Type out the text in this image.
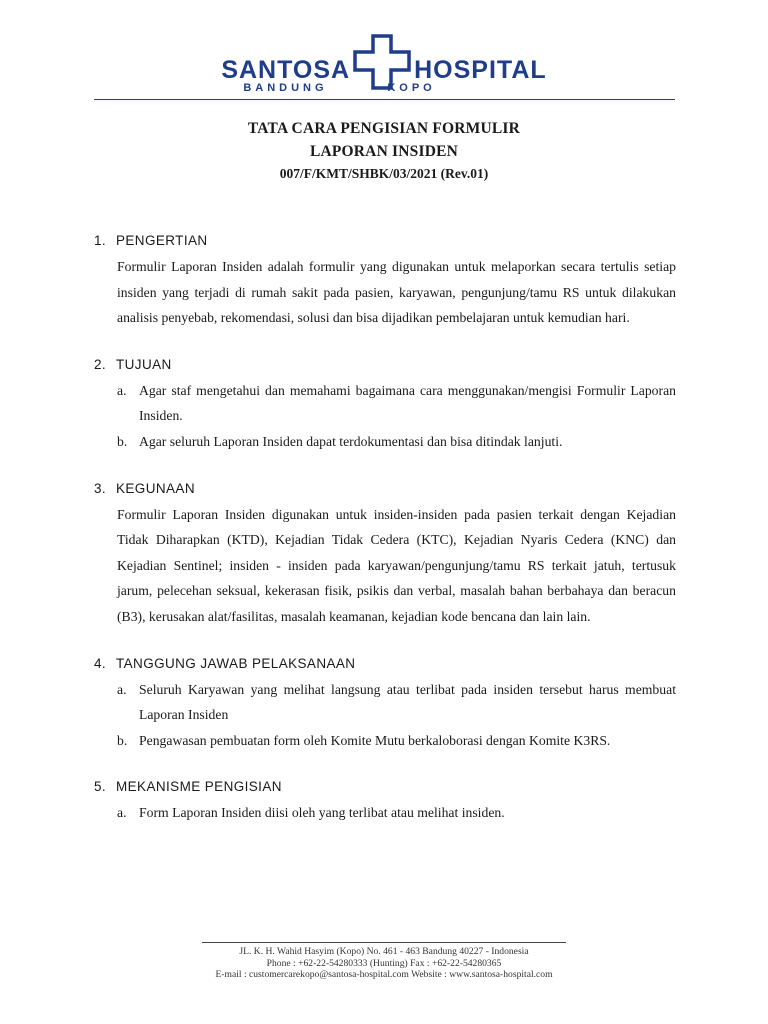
SANTOSA	HOSPITAL
BANDUNG	KOPO
TATA CARA PENGISIAN FORMULIR
LAPORAN INSIDEN
007/F/KMT/SHBK/03/2021 (Rev.01)
1. PENGERTIAN
Formulir Laporan Insiden adalah formulir yang digunakan untuk melaporkan secara tertulis setiap insiden yang terjadi di rumah sakit pada pasien, karyawan, pengunjung/tamu RS untuk dilakukan analisis penyebab, rekomendasi, solusi dan bisa dijadikan pembelajaran untuk kemudian hari.
2. TUJUAN
a. Agar staf mengetahui dan memahami bagaimana cara menggunakan/mengisi Formulir Laporan Insiden.
b. Agar seluruh Laporan Insiden dapat terdokumentasi dan bisa ditindak lanjuti.
3. KEGUNAAN
Formulir Laporan Insiden digunakan untuk insiden-insiden pada pasien terkait dengan Kejadian Tidak Diharapkan (KTD), Kejadian Tidak Cedera (KTC), Kejadian Nyaris Cedera (KNC) dan Kejadian Sentinel; insiden - insiden pada karyawan/pengunjung/tamu RS terkait jatuh, tertusuk jarum, pelecehan seksual, kekerasan fisik, psikis dan verbal, masalah bahan berbahaya dan beracun (B3), kerusakan alat/fasilitas, masalah keamanan, kejadian kode bencana dan lain lain.
4. TANGGUNG JAWAB PELAKSANAAN
a. Seluruh Karyawan yang melihat langsung atau terlibat pada insiden tersebut harus membuat Laporan Insiden
b. Pengawasan pembuatan form oleh Komite Mutu berkaloborasi dengan Komite K3RS.
5. MEKANISME PENGISIAN
a. Form Laporan Insiden diisi oleh yang terlibat atau melihat insiden.
JL. K. H. Wahid Hasyim (Kopo) No. 461 - 463 Bandung 40227 - Indonesia
Phone : +62-22-54280333 (Hunting) Fax : +62-22-54280365
E-mail : customercarekopo@santosa-hospital.com Website : www.santosa-hospital.com
